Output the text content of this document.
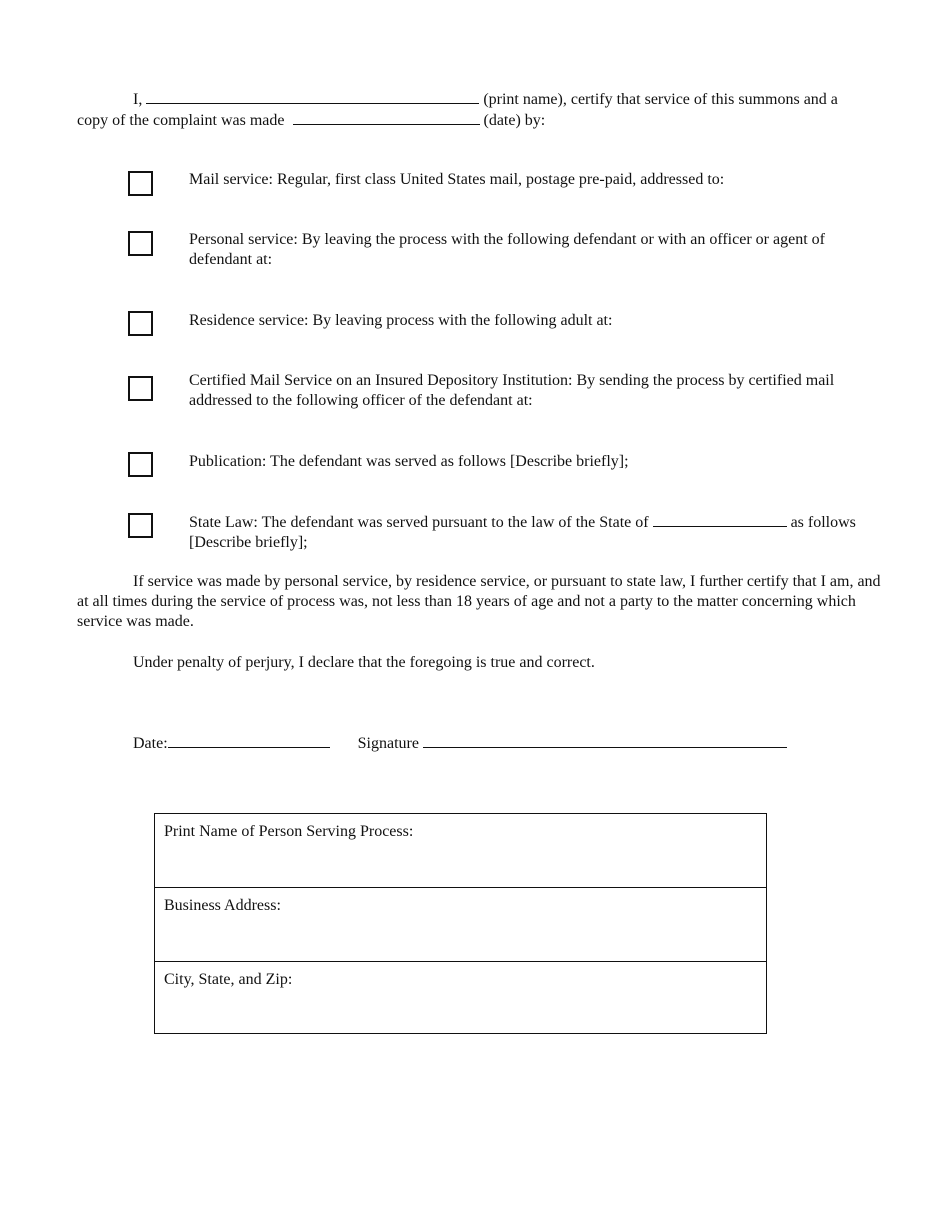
I,	(print name), certify that service of this summons and a
copy of the complaint was made	(date) by:
Mail service: Regular, first class United States mail, postage pre-paid, addressed to:
Personal service: By leaving the process with the following defendant or with an officer or agent of defendant at:
Residence service: By leaving process with the following adult at:
Certified Mail Service on an Insured Depository Institution: By sending the process by certified mail addressed to the following officer of the defendant at:
Publication: The defendant was served as follows [Describe briefly];
State Law: The defendant was served pursuant to the law of the State of	as follows [Describe briefly];
If service was made by personal service, by residence service, or pursuant to state law, I further certify that I am, and at all times during the service of process was, not less than 18 years of age and not a party to the matter concerning which service was made.
Under penalty of perjury, I declare that the foregoing is true and correct.
Date:	Signature
Print Name of Person Serving Process:
Business Address:
City, State, and Zip:
